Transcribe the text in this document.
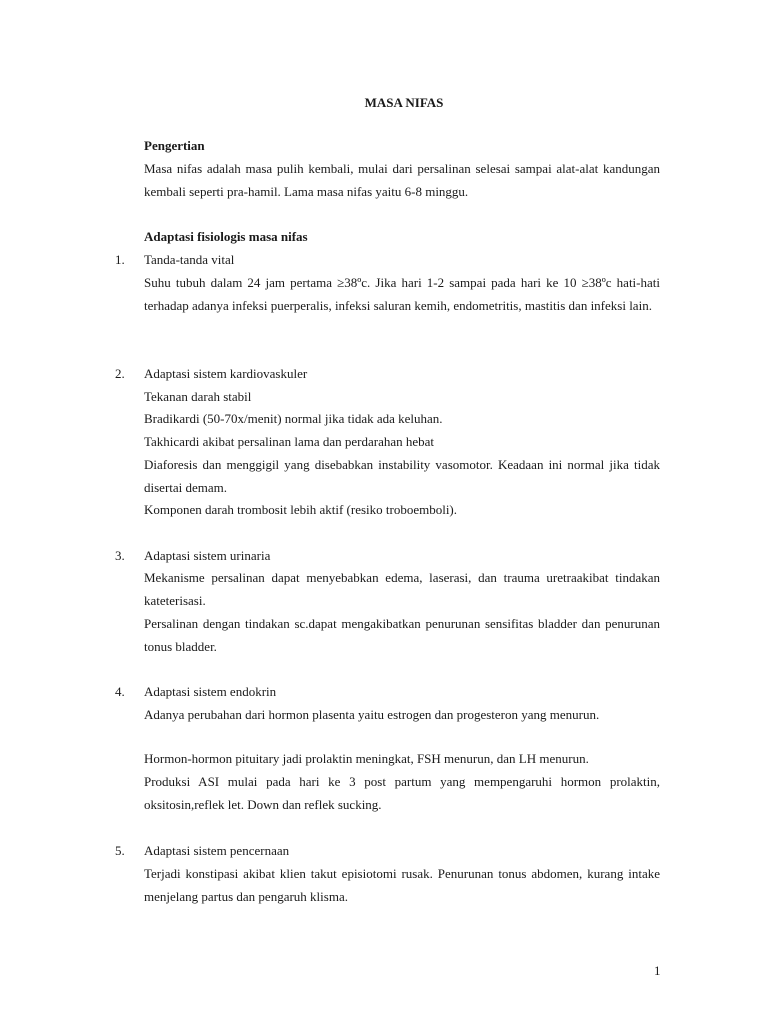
MASA NIFAS
Pengertian
Masa nifas adalah masa pulih kembali, mulai dari persalinan selesai sampai alat-alat kandungan kembali seperti pra-hamil. Lama masa nifas yaitu 6-8 minggu.
Adaptasi fisiologis masa nifas
1. Tanda-tanda vital
Suhu tubuh dalam 24 jam pertama ≥38ºc. Jika hari 1-2 sampai pada hari ke 10 ≥38ºc hati-hati terhadap adanya infeksi puerperalis, infeksi saluran kemih, endometritis, mastitis dan infeksi lain.
2. Adaptasi sistem kardiovaskuler
Tekanan darah stabil
Bradikardi (50-70x/menit) normal jika tidak ada keluhan.
Takhicardi akibat persalinan lama dan perdarahan hebat
Diaforesis dan menggigil yang disebabkan instability vasomotor. Keadaan ini normal jika tidak disertai demam.
Komponen darah trombosit lebih aktif (resiko troboemboli).
3. Adaptasi sistem urinaria
Mekanisme persalinan dapat menyebabkan edema, laserasi, dan trauma uretraakibat tindakan kateterisasi.
Persalinan dengan tindakan sc.dapat mengakibatkan penurunan sensifitas bladder dan penurunan tonus bladder.
4. Adaptasi sistem endokrin
Adanya perubahan dari hormon plasenta yaitu estrogen dan progesteron yang menurun.
Hormon-hormon pituitary jadi prolaktin meningkat, FSH menurun, dan LH menurun.
Produksi ASI mulai pada hari ke 3 post partum yang mempengaruhi hormon prolaktin, oksitosin,reflek let. Down dan reflek sucking.
5. Adaptasi sistem pencernaan
Terjadi konstipasi akibat klien takut episiotomi rusak. Penurunan tonus abdomen, kurang intake menjelang partus dan pengaruh klisma.
1
